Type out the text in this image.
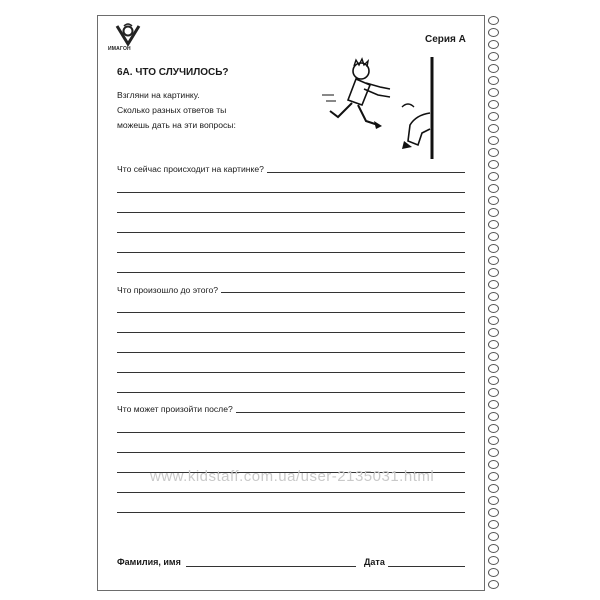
ИМАГОН
Серия А
6А. ЧТО СЛУЧИЛОСЬ?
Взгляни на картинку.
Сколько разных ответов ты
можешь дать на эти вопросы:
Что сейчас происходит на картинке?
Что произошло до этого?
Что может произойти после?
www.kidstaff.com.ua/user-2135031.html
Фамилия, имя	Дата
